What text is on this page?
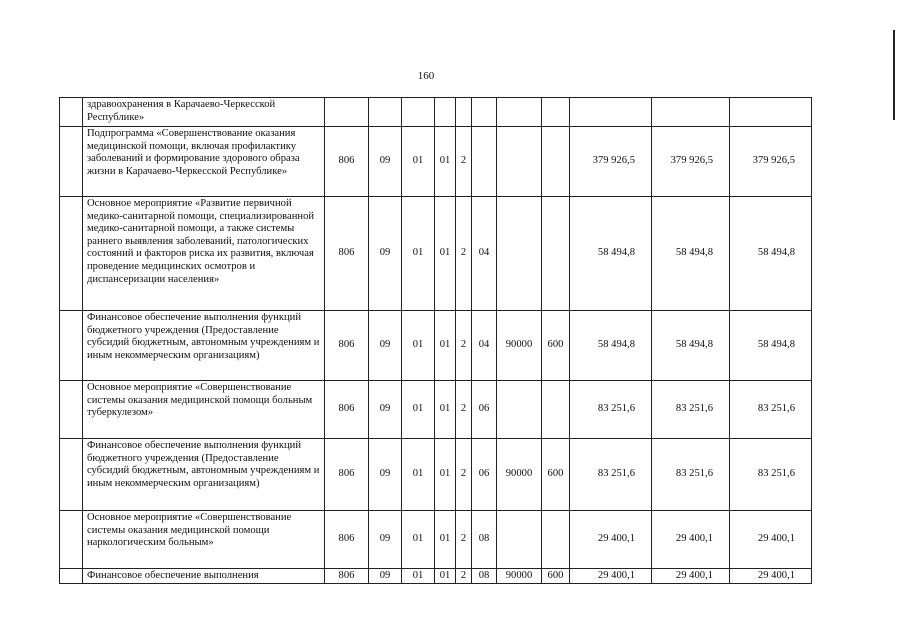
160
	здравоохранения в Карачаево-Черкесской Республике»											
	Подпрограмма «Совершенствование оказания медицинской помощи, включая профилактику заболеваний и формирование здорового образа жизни в Карачаево-Черкесской Республике»	806	09	01	01	2				379 926,5	379 926,5	379 926,5
	Основное мероприятие «Развитие первичной медико-санитарной помощи, специализированной медико-санитарной помощи, а также системы раннего выявления заболеваний, патологических состояний и факторов риска их развития, включая проведение медицинских осмотров и диспансеризации населения»	806	09	01	01	2	04			58 494,8	58 494,8	58 494,8
	Финансовое обеспечение выполнения функций бюджетного учреждения (Предоставление субсидий бюджетным, автономным учреждениям и иным некоммерческим организациям)	806	09	01	01	2	04	90000	600	58 494,8	58 494,8	58 494,8
	Основное мероприятие «Совершенствование системы оказания медицинской помощи больным туберкулезом»	806	09	01	01	2	06			83 251,6	83 251,6	83 251,6
	Финансовое обеспечение выполнения функций бюджетного учреждения (Предоставление субсидий бюджетным, автономным учреждениям и иным некоммерческим организациям)	806	09	01	01	2	06	90000	600	83 251,6	83 251,6	83 251,6
	Основное мероприятие «Совершенствование системы оказания медицинской помощи наркологическим больным»	806	09	01	01	2	08			29 400,1	29 400,1	29 400,1
	Финансовое обеспечение выполнения	806	09	01	01	2	08	90000	600	29 400,1	29 400,1	29 400,1
